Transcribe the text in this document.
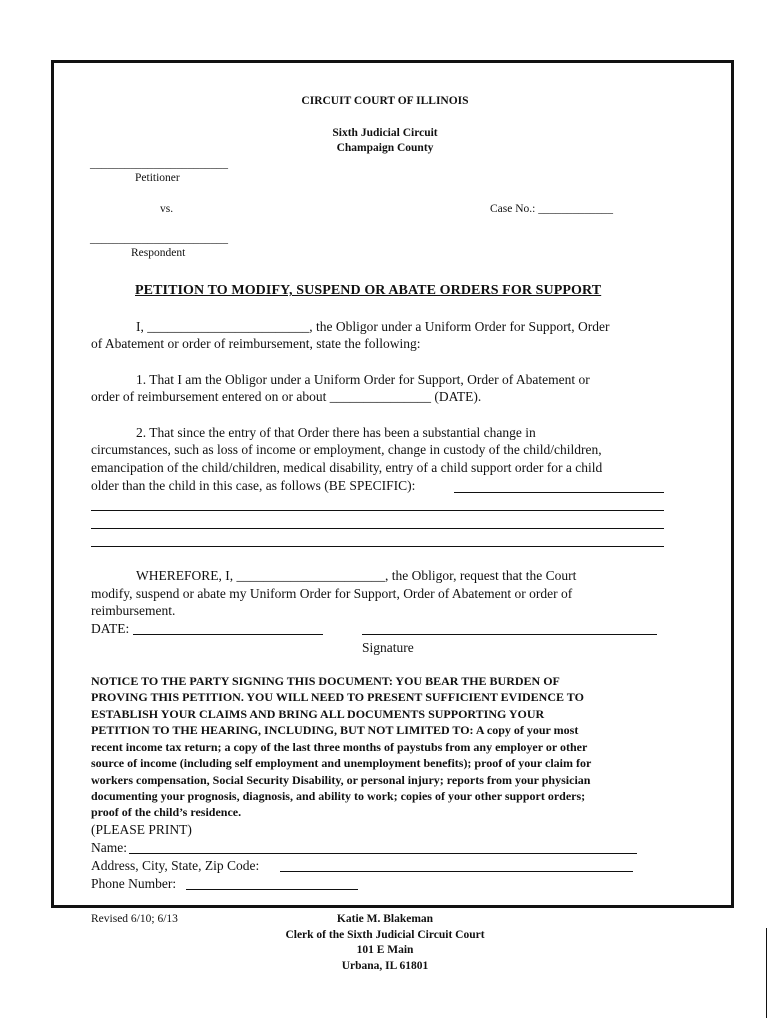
CIRCUIT COURT OF ILLINOIS
Sixth Judicial Circuit
Champaign County
________________________
Petitioner
vs.	Case No.: _____________
________________________
Respondent
PETITION TO MODIFY, SUSPEND OR ABATE ORDERS FOR SUPPORT
I, ________________________, the Obligor under a Uniform Order for Support, Order
of Abatement or order of reimbursement, state the following:
1. That I am the Obligor under a Uniform Order for Support, Order of Abatement or
order of reimbursement entered on or about _______________ (DATE).
2. That since the entry of that Order there has been a substantial change in
circumstances, such as loss of income or employment, change in custody of the child/children,
emancipation of the child/children, medical disability, entry of a child support order for a child
older than the child in this case, as follows (BE SPECIFIC):
WHEREFORE, I, ______________________, the Obligor, request that the Court
modify, suspend or abate my Uniform Order for Support, Order of Abatement or order of
reimbursement.
DATE:
Signature
NOTICE TO THE PARTY SIGNING THIS DOCUMENT: YOU BEAR THE BURDEN OF
PROVING THIS PETITION. YOU WILL NEED TO PRESENT SUFFICIENT EVIDENCE TO
ESTABLISH YOUR CLAIMS AND BRING ALL DOCUMENTS SUPPORTING YOUR
PETITION TO THE HEARING, INCLUDING, BUT NOT LIMITED TO: A copy of your most
recent income tax return; a copy of the last three months of paystubs from any employer or other
source of income (including self employment and unemployment benefits); proof of your claim for
workers compensation, Social Security Disability, or personal injury; reports from your physician
documenting your prognosis, diagnosis, and ability to work; copies of your other support orders;
proof of the child’s residence.
(PLEASE PRINT)
Name:
Address, City, State, Zip Code:
Phone Number:
Revised 6/10; 6/13	Katie M. Blakeman
Clerk of the Sixth Judicial Circuit Court
101 E Main
Urbana, IL 61801
